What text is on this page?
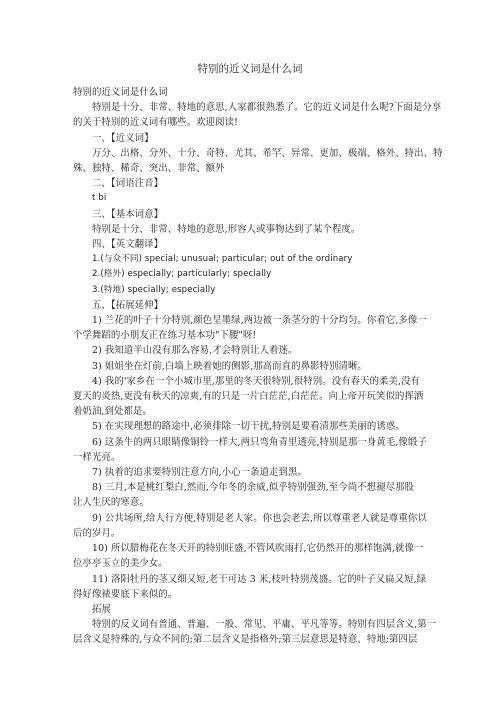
特别的近义词是什么词
特别的近义词是什么词
特别是十分、非常、特地的意思,人家都很熟悉了。它的近义词是什么呢?下面是分享
的关于特别的近义词有哪些。欢迎阅读!
一、【近义词】
万分、出格、分外、十分、奇特、尤其、希罕、异常、更加、极端、格外、特出、特
殊、独特、稀奇、突出、非常、额外
二、【词语注音】
t bi
三、【基本词意】
特别是十分、非常、特地的意思,形容人或事物达到了某个程度。
四、【英文翻译】
1.(与众不同) special; unusual; particular; out of the ordinary
2.(格外) especially; particularly; specially
3.(特地) specially; especially
五、【拓展延伸】
1) 兰花的叶子十分特别,颜色呈墨绿,两边被一条茎分的十分均匀。你看它,多像一
个学舞蹈的小朋友正在练习基本功"下腰"呀!
2) 我知道半山没有那么容易,才会特别让人着迷。
3) 姐姐坐在灯前,白墙上映着她的侧影,那高而直的鼻影特别清晰。
4) 我的'家乡在一个小城市里,那里的冬天很特别,很特别。没有春天的柔美,没有
夏天的炎热,更没有秋天的凉爽,有的只是一片白茫茫,白茫茫。向上帝开玩笑似的挥洒
着奶油,到处都是。
5) 在实现理想的路途中,必须排除一切干扰,特别是要看清那些美丽的诱惑。
6) 这条牛的两只眼睛像铜铃一样大,两只弯角青里透亮,特别是那一身黄毛,像缎子
一样光亮。
7) 执着的追求要特别注意方向,小心一条道走到黑。
8) 三月,本是桃红梨白,然而,今年冬的余威,似乎特别强劲,至今尚不想褪尽那股
让人生厌的寒意。
9) 公共场所,给人行方便,特别是老人家。你也会老去,所以尊重老人就是尊重你以
后的岁月。
10) 所以腊梅花在冬天开的特别旺盛,不管风吹雨打,它仍然开的那样饱满,就像一
位亭亭玉立的美少女。
11) 洛阳牡丹的茎又细又短,老干可达 3 米,枝叶特别茂盛。它的叶子又扁又短,绿
得好像裱要底下来似的。
拓展
特别的反义词有普通、普遍、一般、常见、平庸、平凡等等。特别有四层含义,第一
层含义是特殊的,与众不同的;第二层含义是指格外;第三层意思是特意、特地;第四层
